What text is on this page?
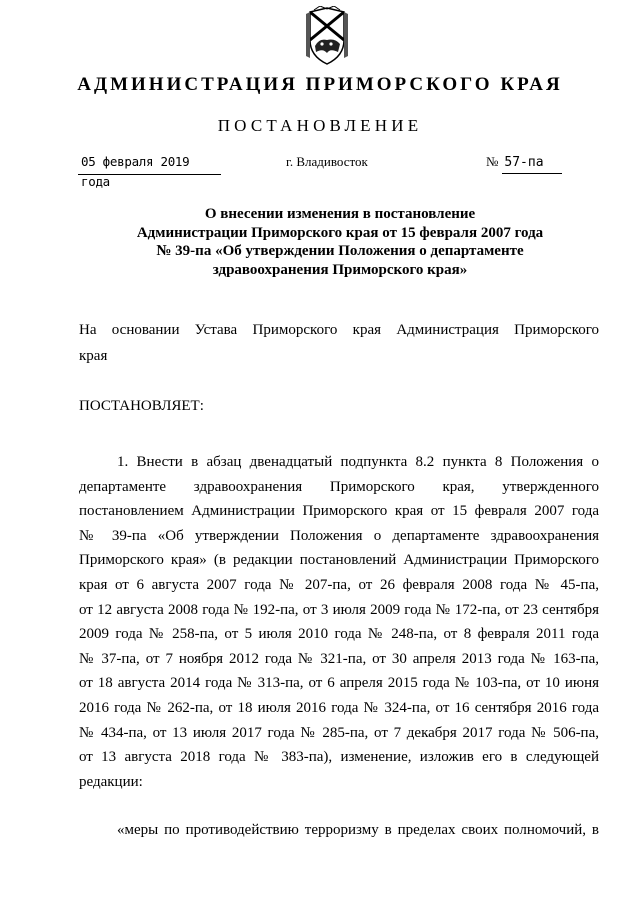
АДМИНИСТРАЦИЯ ПРИМОРСКОГО КРАЯ
ПОСТАНОВЛЕНИЕ
05 февраля 2019 года
г. Владивосток	№ 57-па
О внесении изменения в постановление
Администрации Приморского края от 15 февраля 2007 года
№ 39-па «Об утверждении Положения о департаменте
здравоохранения Приморского края»
На основании Устава Приморского края Администрация Приморского
края
ПОСТАНОВЛЯЕТ:
1. Внести в абзац двенадцатый подпункта 8.2 пункта 8 Положения о
департаменте здравоохранения Приморского края, утвержденного
постановлением Администрации Приморского края от 15 февраля 2007 года
№ 39-па «Об утверждении Положения о департаменте здравоохранения
Приморского края» (в редакции постановлений Администрации Приморского
края от 6 августа 2007 года № 207-па, от 26 февраля 2008 года № 45-па,
от 12 августа 2008 года № 192-па, от 3 июля 2009 года № 172-па, от 23 сентября
2009 года № 258-па, от 5 июля 2010 года № 248-па, от 8 февраля 2011 года
№ 37-па, от 7 ноября 2012 года № 321-па, от 30 апреля 2013 года № 163-па,
от 18 августа 2014 года № 313-па, от 6 апреля 2015 года № 103-па, от 10 июня
2016 года № 262-па, от 18 июля 2016 года № 324-па, от 16 сентября 2016 года
№ 434-па, от 13 июля 2017 года № 285-па, от 7 декабря 2017 года № 506-па,
от 13 августа 2018 года № 383-па), изменение, изложив его в следующей
редакции:
«меры по противодействию терроризму в пределах своих полномочий, в
